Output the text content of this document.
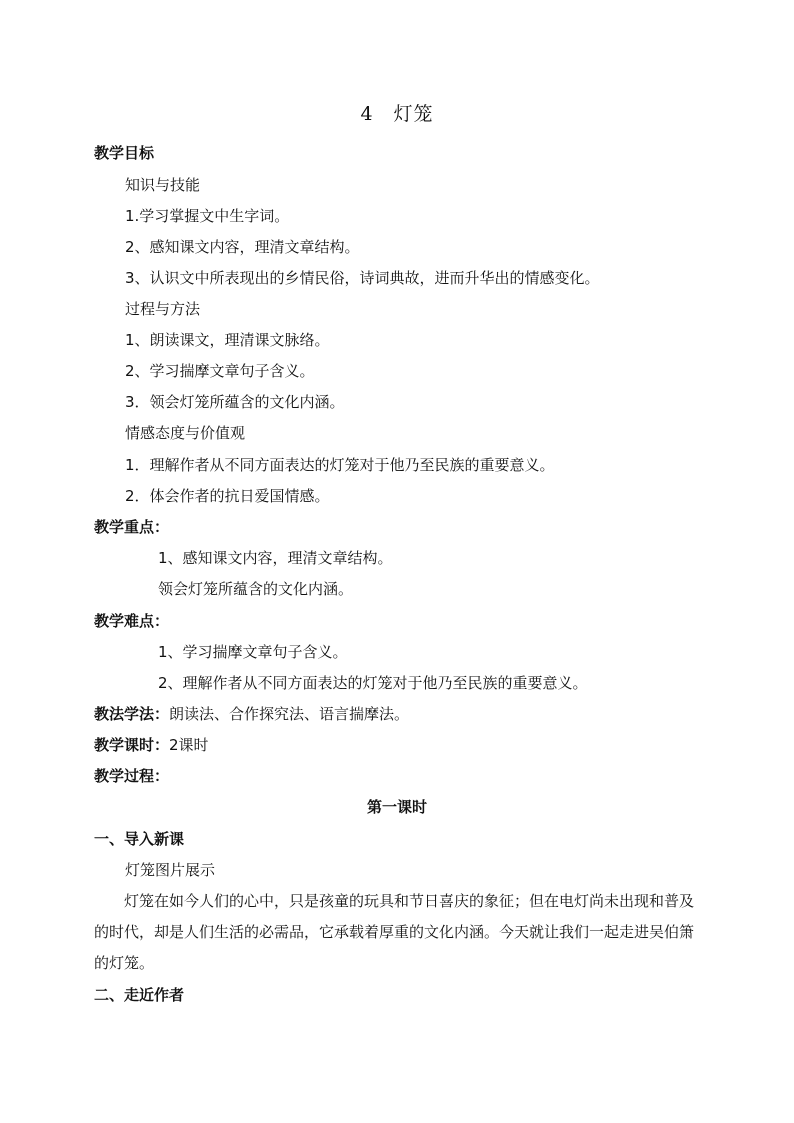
4　灯笼
教学目标
知识与技能
1.学习掌握文中生字词。
2、感知课文内容，理清文章结构。
3、认识文中所表现出的乡情民俗，诗词典故，进而升华出的情感变化。
过程与方法
1、朗读课文，理清课文脉络。
2、学习揣摩文章句子含义。
3．领会灯笼所蕴含的文化内涵。
情感态度与价值观
1．理解作者从不同方面表达的灯笼对于他乃至民族的重要意义。
2．体会作者的抗日爱国情感。
教学重点：
1、感知课文内容，理清文章结构。
领会灯笼所蕴含的文化内涵。
教学难点：
1、学习揣摩文章句子含义。
2、理解作者从不同方面表达的灯笼对于他乃至民族的重要意义。
教法学法：朗读法、合作探究法、语言揣摩法。
教学课时：2课时
教学过程：
第一课时
一、导入新课
灯笼图片展示
灯笼在如今人们的心中，只是孩童的玩具和节日喜庆的象征；但在电灯尚未出现和普及的时代，却是人们生活的必需品，它承载着厚重的文化内涵。今天就让我们一起走进吴伯箫的灯笼。
二、走近作者
